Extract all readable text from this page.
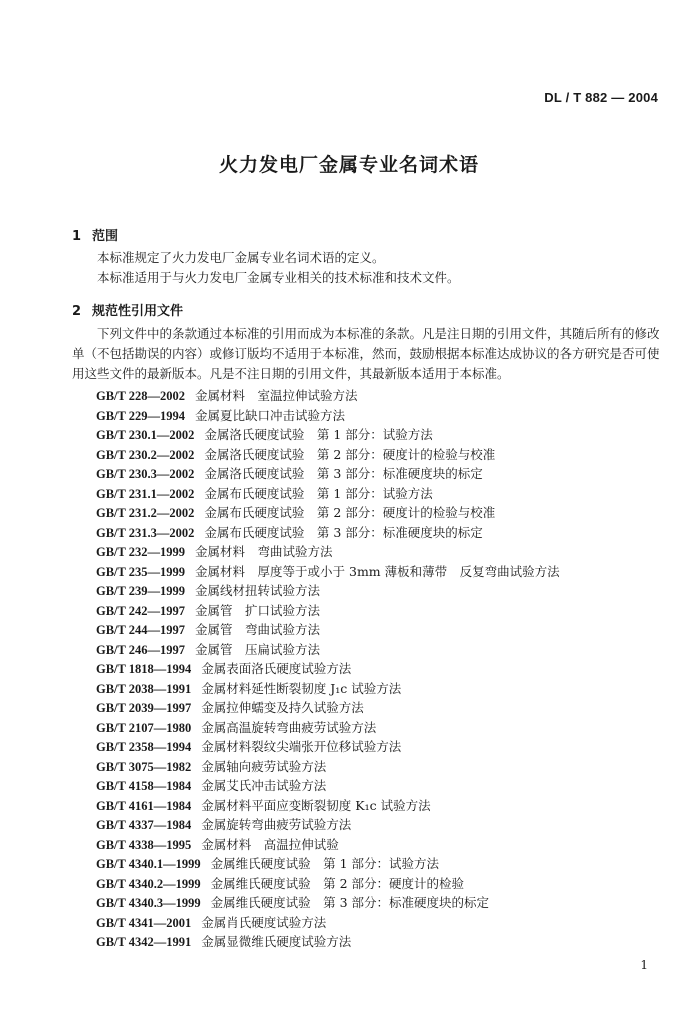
DL / T 882 — 2004
火力发电厂金属专业名词术语
1 范围
本标准规定了火力发电厂金属专业名词术语的定义。
本标准适用于与火力发电厂金属专业相关的技术标准和技术文件。
2 规范性引用文件
下列文件中的条款通过本标准的引用而成为本标准的条款。凡是注日期的引用文件，其随后所有的修改单（不包括勘误的内容）或修订版均不适用于本标准，然而，鼓励根据本标准达成协议的各方研究是否可使用这些文件的最新版本。凡是不注日期的引用文件，其最新版本适用于本标准。
GB/T 228—2002 金属材料　室温拉伸试验方法
GB/T 229—1994 金属夏比缺口冲击试验方法
GB/T 230.1—2002 金属洛氏硬度试验　第 1 部分：试验方法
GB/T 230.2—2002 金属洛氏硬度试验　第 2 部分：硬度计的检验与校准
GB/T 230.3—2002 金属洛氏硬度试验　第 3 部分：标准硬度块的标定
GB/T 231.1—2002 金属布氏硬度试验　第 1 部分：试验方法
GB/T 231.2—2002 金属布氏硬度试验　第 2 部分：硬度计的检验与校准
GB/T 231.3—2002 金属布氏硬度试验　第 3 部分：标准硬度块的标定
GB/T 232—1999 金属材料　弯曲试验方法
GB/T 235—1999 金属材料　厚度等于或小于 3mm 薄板和薄带　反复弯曲试验方法
GB/T 239—1999 金属线材扭转试验方法
GB/T 242—1997 金属管　扩口试验方法
GB/T 244—1997 金属管　弯曲试验方法
GB/T 246—1997 金属管　压扁试验方法
GB/T 1818—1994 金属表面洛氏硬度试验方法
GB/T 2038—1991 金属材料延性断裂韧度 J₁c 试验方法
GB/T 2039—1997 金属拉伸蠕变及持久试验方法
GB/T 2107—1980 金属高温旋转弯曲疲劳试验方法
GB/T 2358—1994 金属材料裂纹尖端张开位移试验方法
GB/T 3075—1982 金属轴向疲劳试验方法
GB/T 4158—1984 金属艾氏冲击试验方法
GB/T 4161—1984 金属材料平面应变断裂韧度 K₁c 试验方法
GB/T 4337—1984 金属旋转弯曲疲劳试验方法
GB/T 4338—1995 金属材料　高温拉伸试验
GB/T 4340.1—1999 金属维氏硬度试验　第 1 部分：试验方法
GB/T 4340.2—1999 金属维氏硬度试验　第 2 部分：硬度计的检验
GB/T 4340.3—1999 金属维氏硬度试验　第 3 部分：标准硬度块的标定
GB/T 4341—2001 金属肖氏硬度试验方法
GB/T 4342—1991 金属显微维氏硬度试验方法
1
